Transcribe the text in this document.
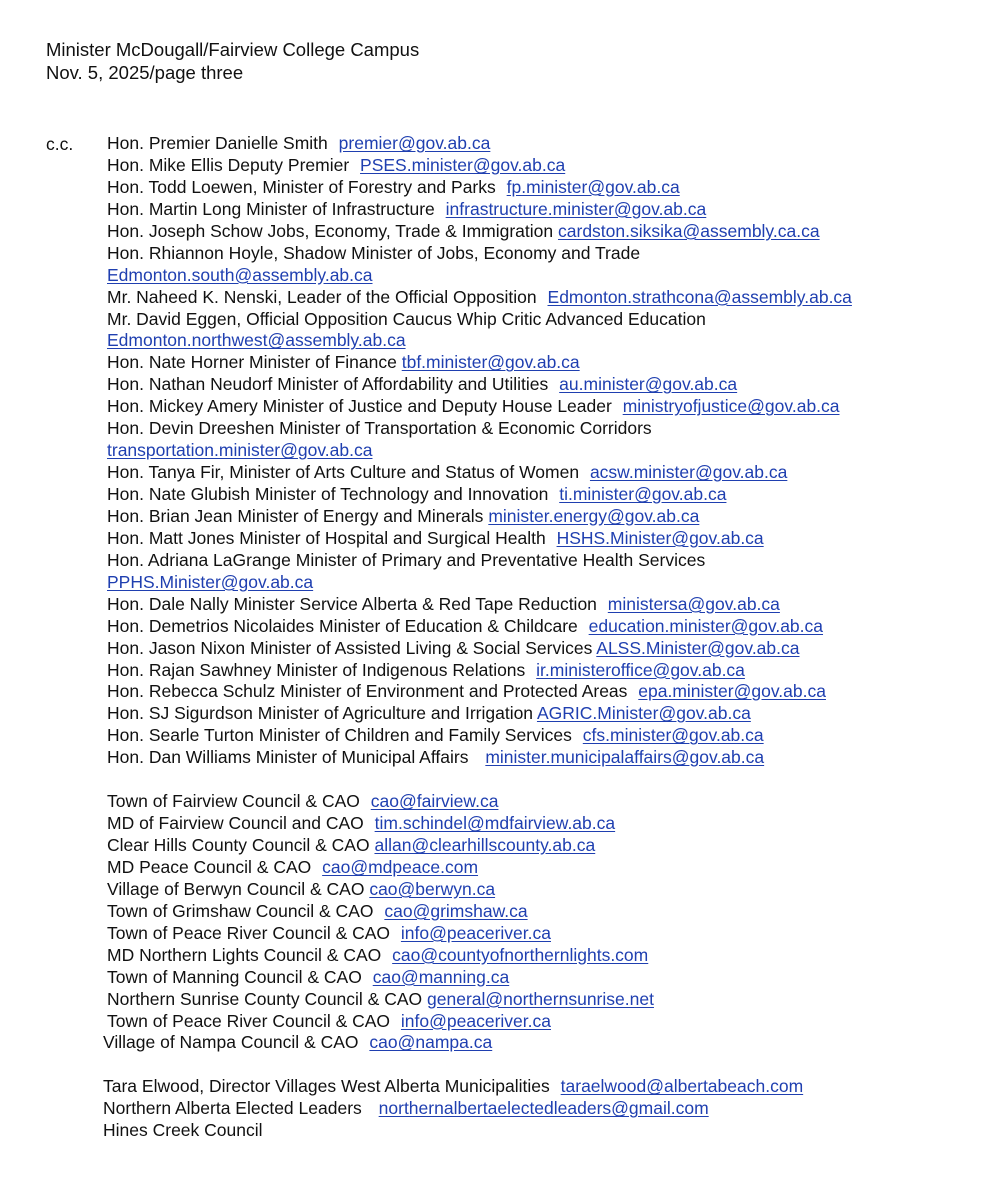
Minister McDougall/Fairview College Campus
Nov. 5, 2025/page three
c.c. Hon. Premier Danielle Smith premier@gov.ab.ca
Hon. Mike Ellis Deputy Premier PSES.minister@gov.ab.ca
Hon. Todd Loewen, Minister of Forestry and Parks fp.minister@gov.ab.ca
Hon. Martin Long Minister of Infrastructure infrastructure.minister@gov.ab.ca
Hon. Joseph Schow Jobs, Economy, Trade & Immigration cardston.siksika@assembly.ca.ca
Hon. Rhiannon Hoyle, Shadow Minister of Jobs, Economy and Trade
Edmonton.south@assembly.ab.ca
Mr. Naheed K. Nenski, Leader of the Official Opposition Edmonton.strathcona@assembly.ab.ca
Mr. David Eggen, Official Opposition Caucus Whip Critic Advanced Education
Edmonton.northwest@assembly.ab.ca
Hon. Nate Horner Minister of Finance tbf.minister@gov.ab.ca
Hon. Nathan Neudorf Minister of Affordability and Utilities au.minister@gov.ab.ca
Hon. Mickey Amery Minister of Justice and Deputy House Leader ministryofjustice@gov.ab.ca
Hon. Devin Dreeshen Minister of Transportation & Economic Corridors
transportation.minister@gov.ab.ca
Hon. Tanya Fir, Minister of Arts Culture and Status of Women acsw.minister@gov.ab.ca
Hon. Nate Glubish Minister of Technology and Innovation ti.minister@gov.ab.ca
Hon. Brian Jean Minister of Energy and Minerals minister.energy@gov.ab.ca
Hon. Matt Jones Minister of Hospital and Surgical Health HSHS.Minister@gov.ab.ca
Hon. Adriana LaGrange Minister of Primary and Preventative Health Services
PPHS.Minister@gov.ab.ca
Hon. Dale Nally Minister Service Alberta & Red Tape Reduction ministersa@gov.ab.ca
Hon. Demetrios Nicolaides Minister of Education & Childcare education.minister@gov.ab.ca
Hon. Jason Nixon Minister of Assisted Living & Social Services ALSS.Minister@gov.ab.ca
Hon. Rajan Sawhney Minister of Indigenous Relations ir.ministeroffice@gov.ab.ca
Hon. Rebecca Schulz Minister of Environment and Protected Areas epa.minister@gov.ab.ca
Hon. SJ Sigurdson Minister of Agriculture and Irrigation AGRIC.Minister@gov.ab.ca
Hon. Searle Turton Minister of Children and Family Services cfs.minister@gov.ab.ca
Hon. Dan Williams Minister of Municipal Affairs minister.municipalaffairs@gov.ab.ca
Town of Fairview Council & CAO cao@fairview.ca
MD of Fairview Council and CAO tim.schindel@mdfairview.ab.ca
Clear Hills County Council & CAO allan@clearhillscounty.ab.ca
MD Peace Council & CAO cao@mdpeace.com
Village of Berwyn Council & CAO cao@berwyn.ca
Town of Grimshaw Council & CAO cao@grimshaw.ca
Town of Peace River Council & CAO info@peaceriver.ca
MD Northern Lights Council & CAO cao@countyofnorthernlights.com
Town of Manning Council & CAO cao@manning.ca
Northern Sunrise County Council & CAO general@northernsunrise.net
Town of Peace River Council & CAO info@peaceriver.ca
Village of Nampa Council & CAO cao@nampa.ca
Tara Elwood, Director Villages West Alberta Municipalities taraelwood@albertabeach.com
Northern Alberta Elected Leaders northernalbertaelectedleaders@gmail.com
Hines Creek Council
